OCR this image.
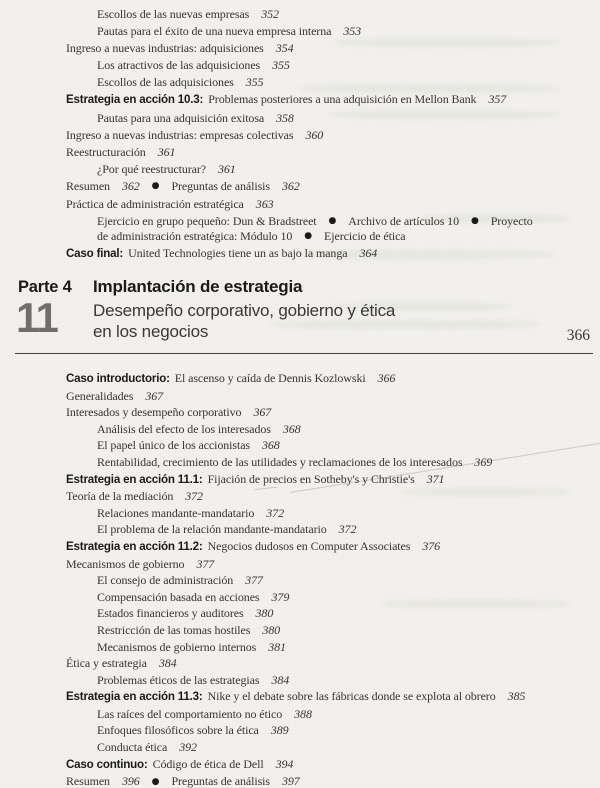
Escollos de las nuevas empresas 352
Pautas para el éxito de una nueva empresa interna 353
Ingreso a nuevas industrias: adquisiciones 354
Los atractivos de las adquisiciones 355
Escollos de las adquisiciones 355
Estrategia en acción 10.3: Problemas posteriores a una adquisición en Mellon Bank 357
Pautas para una adquisición exitosa 358
Ingreso a nuevas industrias: empresas colectivas 360
Reestructuración 361
¿Por qué reestructurar? 361
Resumen 362 ● Preguntas de análisis 362
Práctica de administración estratégica 363
Ejercicio en grupo pequeño: Dun & Bradstreet ● Archivo de artículos 10 ● Proyecto
de administración estratégica: Módulo 10 ● Ejercicio de ética
Caso final: United Technologies tiene un as bajo la manga 364
Parte 4 Implantación de estrategia
11 Desempeño corporativo, gobierno y ética
en los negocios	366
Caso introductorio: El ascenso y caída de Dennis Kozlowski 366
Generalidades 367
Interesados y desempeño corporativo 367
Análisis del efecto de los interesados 368
El papel único de los accionistas 368
Rentabilidad, crecimiento de las utilidades y reclamaciones de los interesados 369
Estrategia en acción 11.1: Fijación de precios en Sotheby's y Christie's 371
Teoría de la mediación 372
Relaciones mandante-mandatario 372
El problema de la relación mandante-mandatario 372
Estrategia en acción 11.2: Negocios dudosos en Computer Associates 376
Mecanismos de gobierno 377
El consejo de administración 377
Compensación basada en acciones 379
Estados financieros y auditores 380
Restricción de las tomas hostiles 380
Mecanismos de gobierno internos 381
Ética y estrategia 384
Problemas éticos de las estrategias 384
Estrategia en acción 11.3: Nike y el debate sobre las fábricas donde se explota al obrero 385
Las raíces del comportamiento no ético 388
Enfoques filosóficos sobre la ética 389
Conducta ética 392
Caso continuo: Código de ética de Dell 394
Resumen 396 ● Preguntas de análisis 397
